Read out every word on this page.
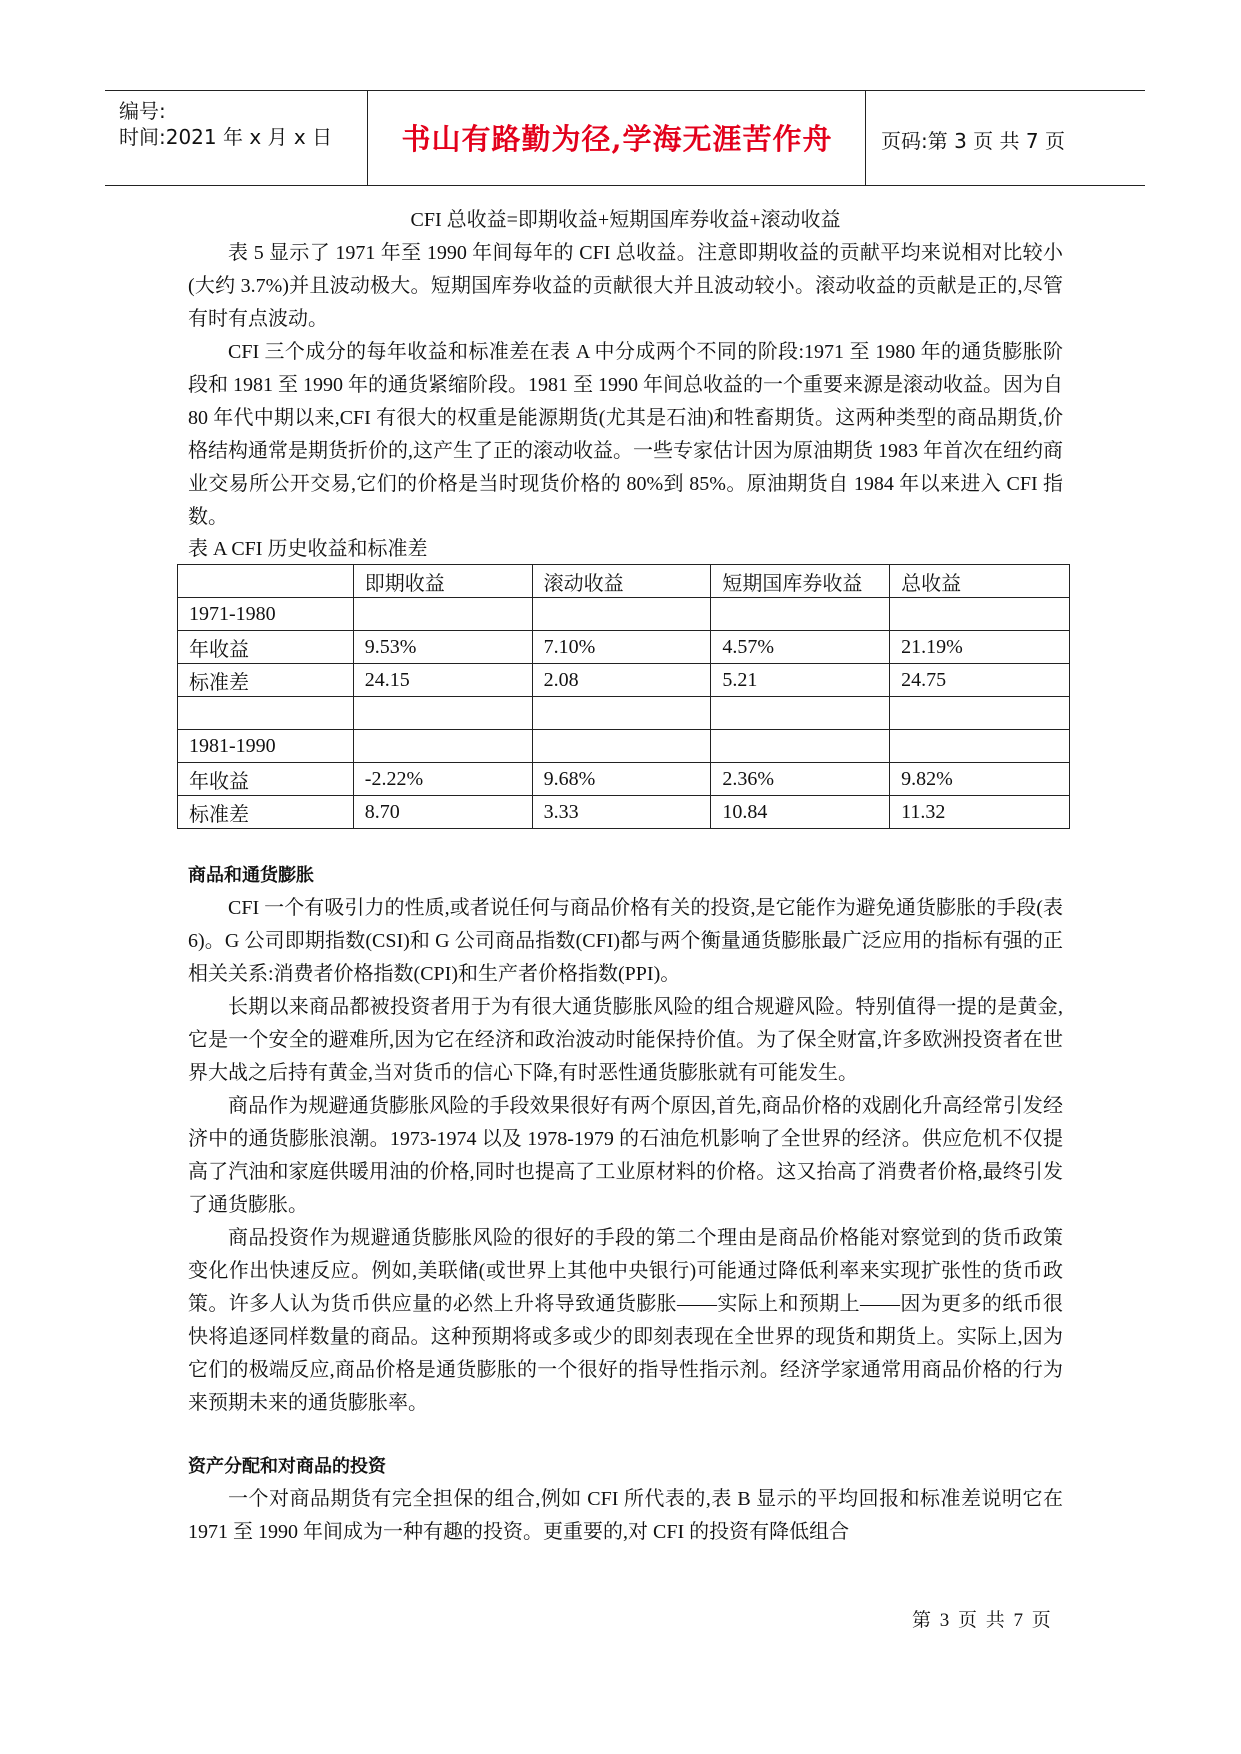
编号:
时间:2021 年 x 月 x 日	书山有路勤为径,学海无涯苦作舟	页码:第 3 页 共 7 页

CFI 总收益=即期收益+短期国库券收益+滚动收益

表 5 显示了 1971 年至 1990 年间每年的 CFI 总收益。注意即期收益的贡献平均来说相对比较小(大约 3.7%)并且波动极大。短期国库券收益的贡献很大并且波动较小。滚动收益的贡献是正的,尽管有时有点波动。

CFI 三个成分的每年收益和标准差在表 A 中分成两个不同的阶段:1971 至 1980 年的通货膨胀阶段和 1981 至 1990 年的通货紧缩阶段。1981 至 1990 年间总收益的一个重要来源是滚动收益。因为自 80 年代中期以来,CFI 有很大的权重是能源期货(尤其是石油)和牲畜期货。这两种类型的商品期货,价格结构通常是期货折价的,这产生了正的滚动收益。一些专家估计因为原油期货 1983 年首次在纽约商业交易所公开交易,它们的价格是当时现货价格的 80%到 85%。原油期货自 1984 年以来进入 CFI 指数。

表 A CFI 历史收益和标准差

	即期收益	滚动收益	短期国库券收益	总收益
1971-1980				
年收益	9.53%	7.10%	4.57%	21.19%
标准差	24.15	2.08	5.21	24.75

1981-1990				
年收益	-2.22%	9.68%	2.36%	9.82%
标准差	8.70	3.33	10.84	11.32
商品和通货膨胀

CFI 一个有吸引力的性质,或者说任何与商品价格有关的投资,是它能作为避免通货膨胀的手段(表 6)。G 公司即期指数(CSI)和 G 公司商品指数(CFI)都与两个衡量通货膨胀最广泛应用的指标有强的正相关关系:消费者价格指数(CPI)和生产者价格指数(PPI)。

长期以来商品都被投资者用于为有很大通货膨胀风险的组合规避风险。特别值得一提的是黄金,它是一个安全的避难所,因为它在经济和政治波动时能保持价值。为了保全财富,许多欧洲投资者在世界大战之后持有黄金,当对货币的信心下降,有时恶性通货膨胀就有可能发生。

商品作为规避通货膨胀风险的手段效果很好有两个原因,首先,商品价格的戏剧化升高经常引发经济中的通货膨胀浪潮。1973-1974 以及 1978-1979 的石油危机影响了全世界的经济。供应危机不仅提高了汽油和家庭供暖用油的价格,同时也提高了工业原材料的价格。这又抬高了消费者价格,最终引发了通货膨胀。

商品投资作为规避通货膨胀风险的很好的手段的第二个理由是商品价格能对察觉到的货币政策变化作出快速反应。例如,美联储(或世界上其他中央银行)可能通过降低利率来实现扩张性的货币政策。许多人认为货币供应量的必然上升将导致通货膨胀——实际上和预期上——因为更多的纸币很快将追逐同样数量的商品。这种预期将或多或少的即刻表现在全世界的现货和期货上。实际上,因为它们的极端反应,商品价格是通货膨胀的一个很好的指导性指示剂。经济学家通常用商品价格的行为来预期未来的通货膨胀率。

资产分配和对商品的投资

一个对商品期货有完全担保的组合,例如 CFI 所代表的,表 B 显示的平均回报和标准差说明它在 1971 至 1990 年间成为一种有趣的投资。更重要的,对 CFI 的投资有降低组合

第 3 页 共 7 页
